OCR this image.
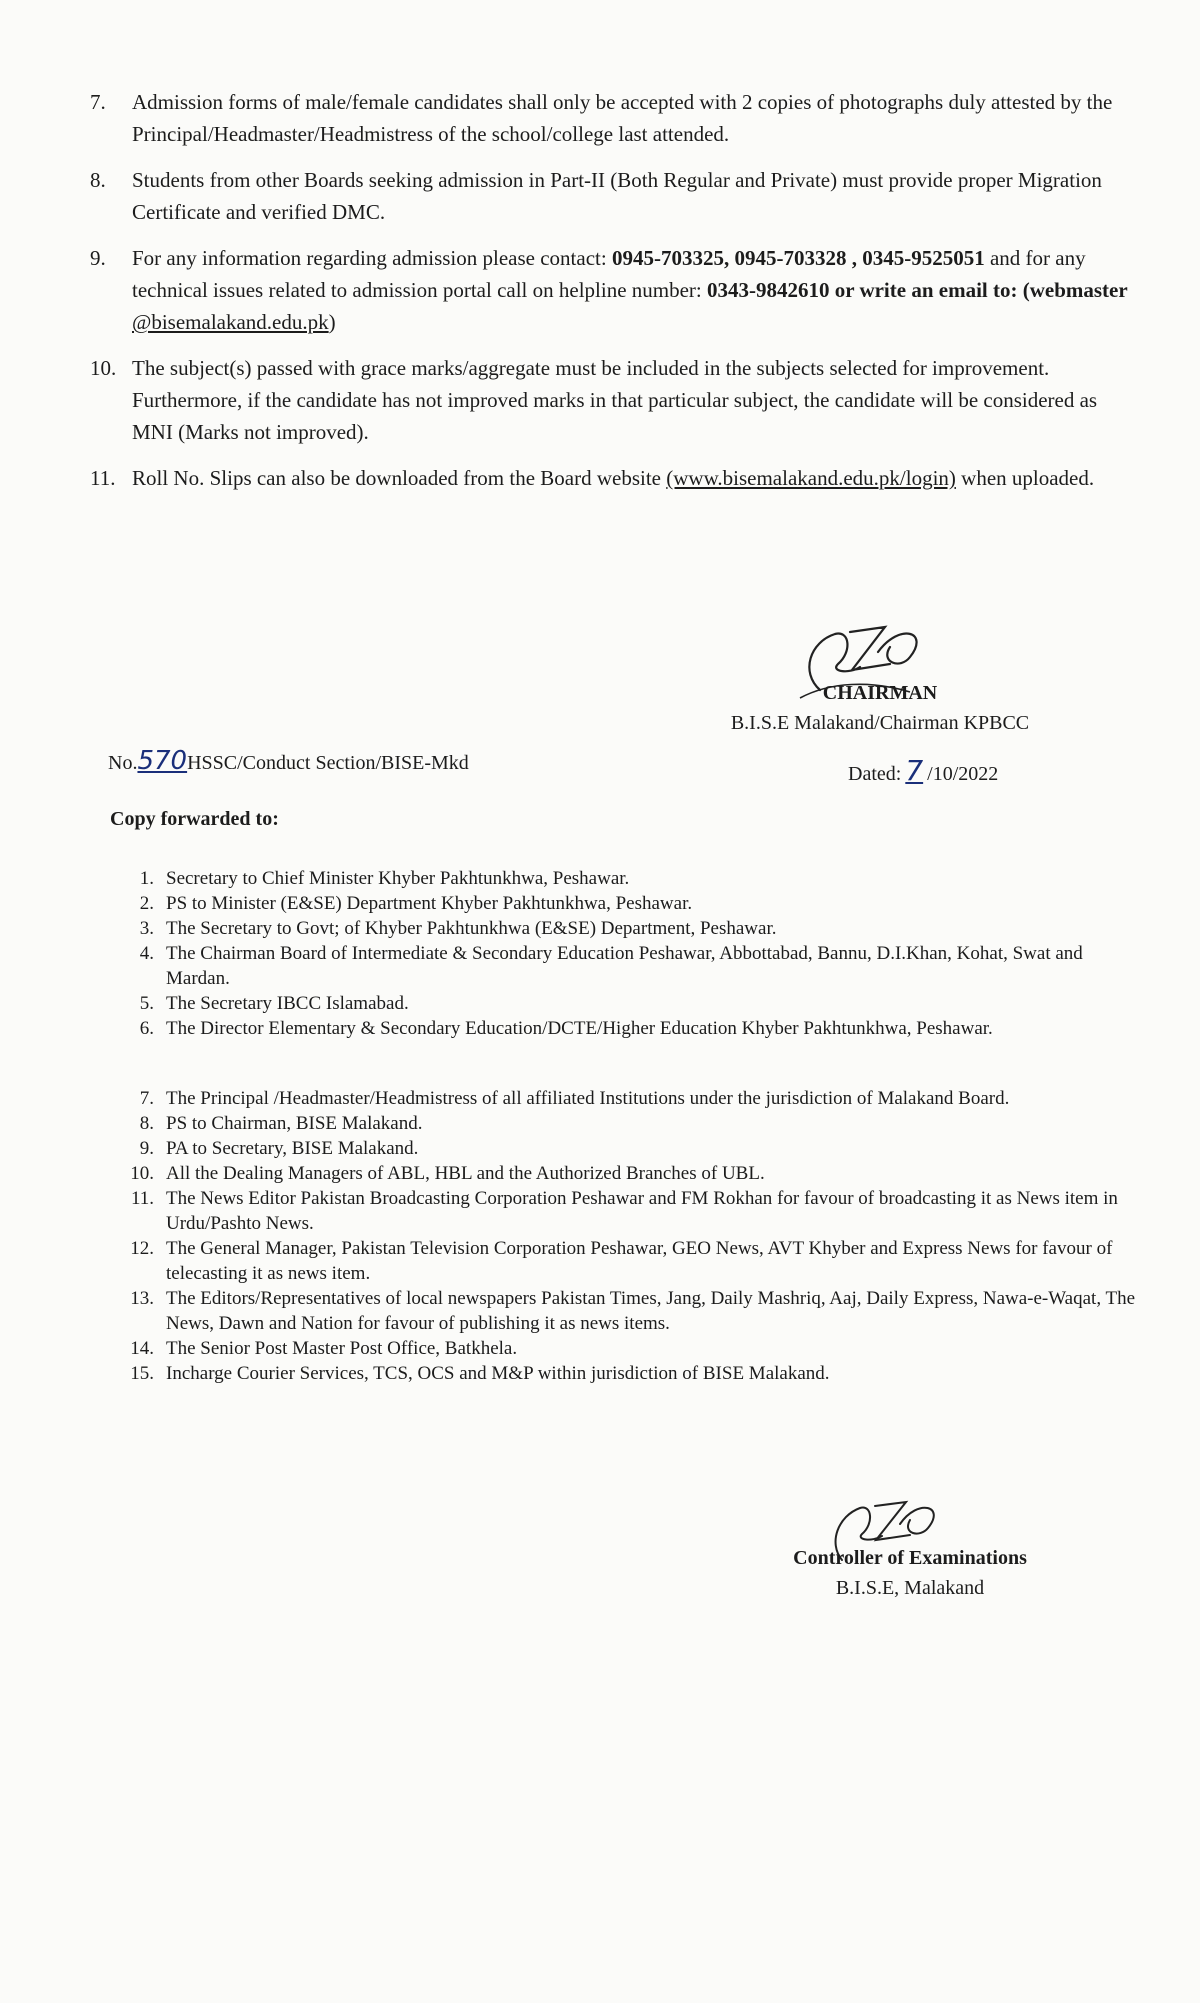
7.	Admission forms of male/female candidates shall only be accepted with 2 copies of photographs duly attested by the Principal/Headmaster/Headmistress of the school/college last attended.
8.	Students from other Boards seeking admission in Part-II (Both Regular and Private) must provide proper Migration Certificate and verified DMC.
9.	For any information regarding admission please contact: 0945-703325, 0945-703328 , 0345-9525051 and for any technical issues related to admission portal call on helpline number: 0343-9842610 or write an email to: (webmaster @bisemalakand.edu.pk)
10. The subject(s) passed with grace marks/aggregate must be included in the subjects selected for improvement. Furthermore, if the candidate has not improved marks in that particular subject, the candidate will be considered as MNI (Marks not improved).
11. Roll No. Slips can also be downloaded from the Board website (www.bisemalakand.edu.pk/login) when uploaded.
CHAIRMAN
B.I.S.E Malakand/Chairman KPBCC
No.570HSSC/Conduct Section/BISE-Mkd	Dated: 7 /10/2022
Copy forwarded to:
1. Secretary to Chief Minister Khyber Pakhtunkhwa, Peshawar.
2. PS to Minister (E&SE) Department Khyber Pakhtunkhwa, Peshawar.
3. The Secretary to Govt; of Khyber Pakhtunkhwa (E&SE) Department, Peshawar.
4. The Chairman Board of Intermediate & Secondary Education Peshawar, Abbottabad, Bannu, D.I.Khan, Kohat, Swat and Mardan.
5. The Secretary IBCC Islamabad.
6. The Director Elementary & Secondary Education/DCTE/Higher Education Khyber Pakhtunkhwa, Peshawar.
7. The Principal /Headmaster/Headmistress of all affiliated Institutions under the jurisdiction of Malakand Board.
8. PS to Chairman, BISE Malakand.
9. PA to Secretary, BISE Malakand.
10. All the Dealing Managers of ABL, HBL and the Authorized Branches of UBL.
11. The News Editor Pakistan Broadcasting Corporation Peshawar and FM Rokhan for favour of broadcasting it as News item in Urdu/Pashto News.
12. The General Manager, Pakistan Television Corporation Peshawar, GEO News, AVT Khyber and Express News for favour of telecasting it as news item.
13. The Editors/Representatives of local newspapers Pakistan Times, Jang, Daily Mashriq, Aaj, Daily Express, Nawa-e-Waqat, The News, Dawn and Nation for favour of publishing it as news items.
14. The Senior Post Master Post Office, Batkhela.
15. Incharge Courier Services, TCS, OCS and M&P within jurisdiction of BISE Malakand.
Controller of Examinations
B.I.S.E, Malakand
